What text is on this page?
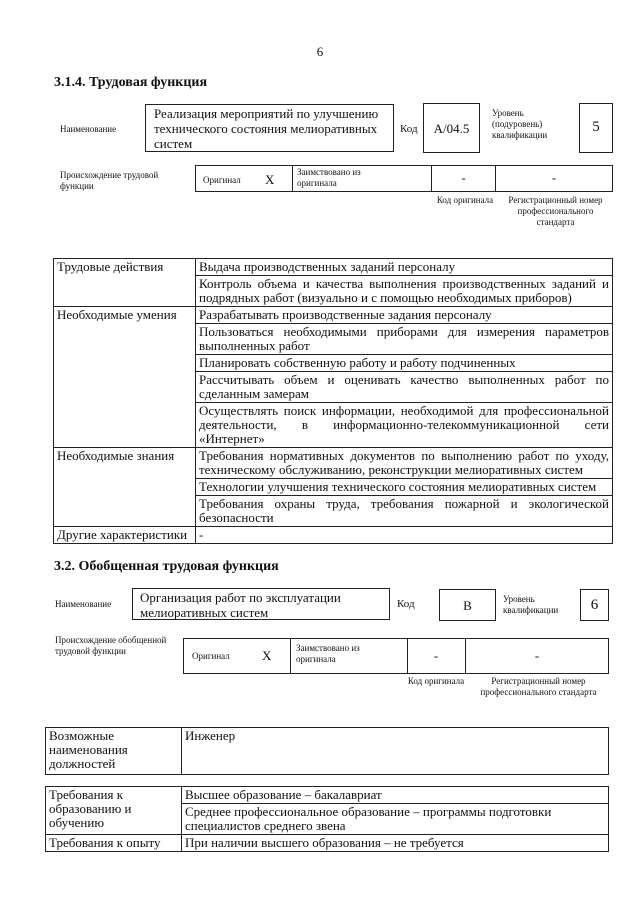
6
3.1.4. Трудовая функция
Наименование
Реализация мероприятий по улучшению технического состояния мелиоративных систем
Код	A/04.5
Уровень (подуровень) квалификации	5
Происхождение трудовой функции
Оригинал X	Заимствовано из оригинала	-	-
Код оригинала	Регистрационный номер профессионального стандарта
Трудовые действия	Выдача производственных заданий персоналу
	Контроль объема и качества выполнения производственных заданий и подрядных работ (визуально и с помощью необходимых приборов)
Необходимые умения	Разрабатывать производственные задания персоналу
	Пользоваться необходимыми приборами для измерения параметров выполненных работ
	Планировать собственную работу и работу подчиненных
	Рассчитывать объем и оценивать качество выполненных работ по сделанным замерам
	Осуществлять поиск информации, необходимой для профессиональной деятельности, в информационно-телекоммуникационной сети «Интернет»
Необходимые знания	Требования нормативных документов по выполнению работ по уходу, техническому обслуживанию, реконструкции мелиоративных систем
	Технологии улучшения технического состояния мелиоративных систем
	Требования охраны труда, требования пожарной и экологической безопасности
Другие характеристики	-
3.2. Обобщенная трудовая функция
Наименование	Организация работ по эксплуатации мелиоративных систем
Код	B	Уровень квалификации	6
Происхождение обобщенной трудовой функции	Оригинал X	Заимствовано из оригинала	-	-
Код оригинала	Регистрационный номер профессионального стандарта
Возможные наименования должностей	Инженер
Требования к образованию и обучению	Высшее образование – бакалавриат
	Среднее профессиональное образование – программы подготовки специалистов среднего звена
Требования к опыту	При наличии высшего образования – не требуется
